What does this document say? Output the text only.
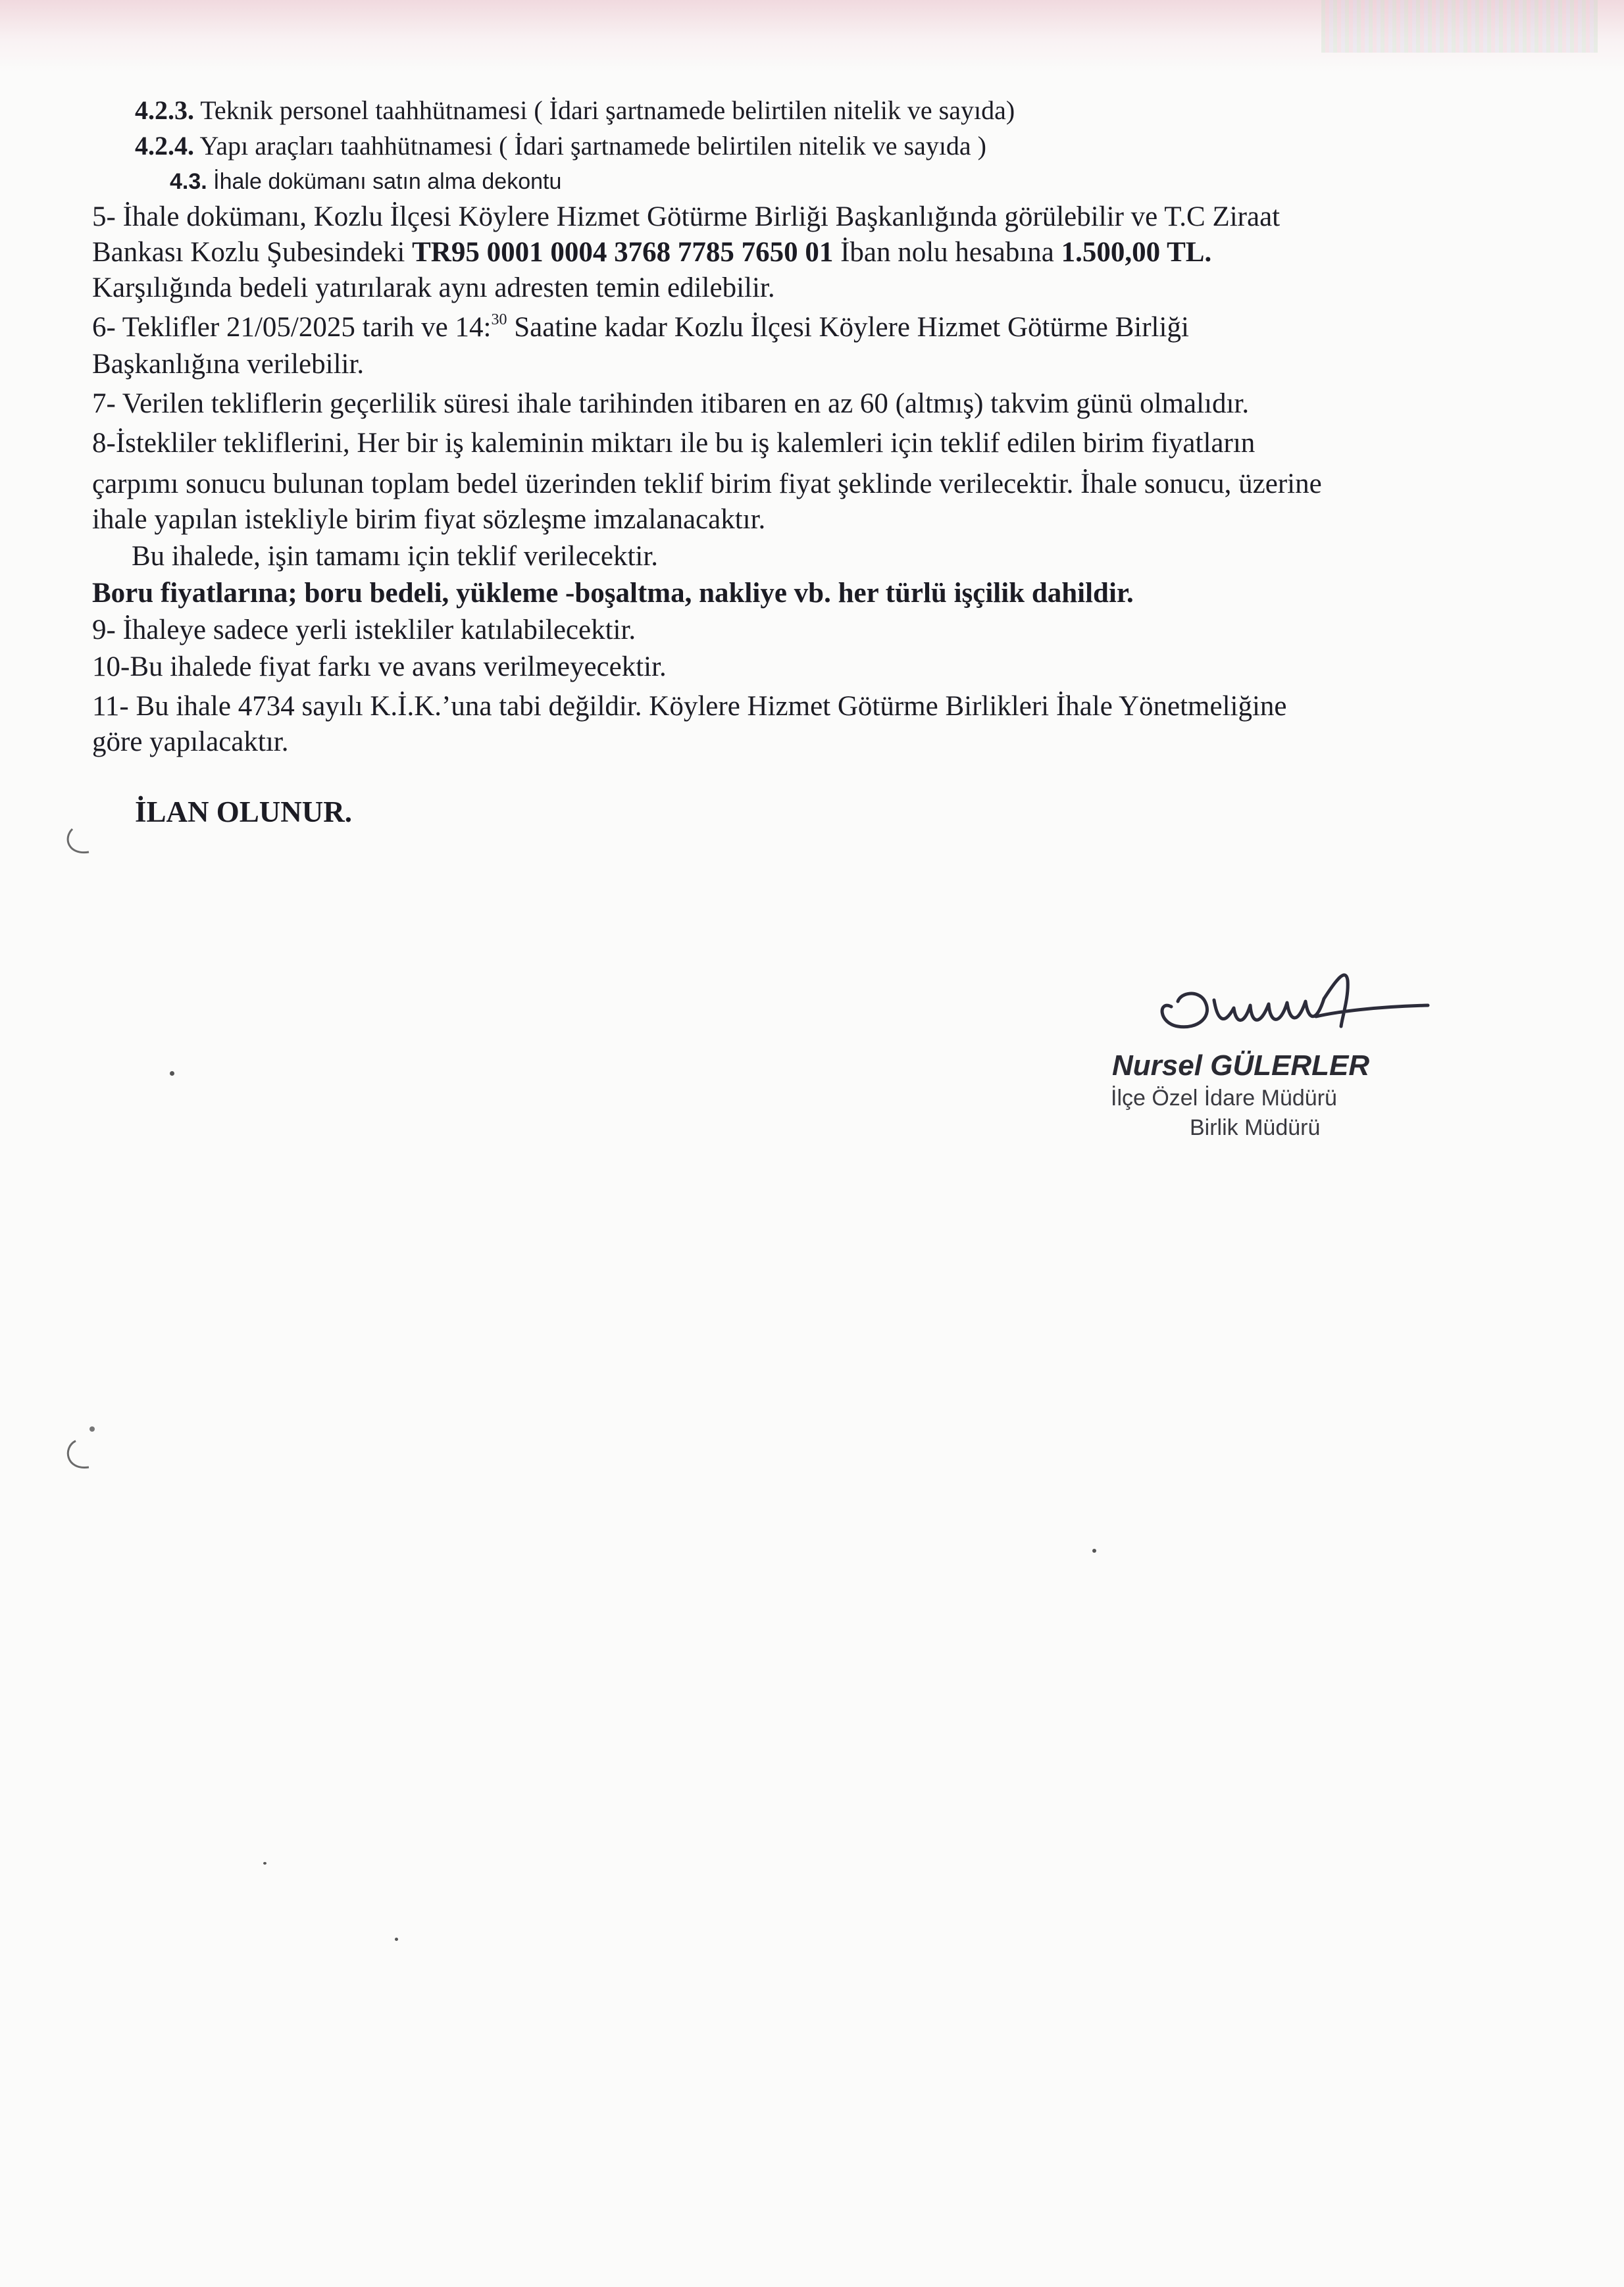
4.2.3. Teknik personel taahhütnamesi ( İdari şartnamede belirtilen nitelik ve sayıda)
4.2.4. Yapı araçları taahhütnamesi ( İdari şartnamede belirtilen nitelik ve sayıda )
4.3. İhale dokümanı satın alma dekontu
5- İhale dokümanı, Kozlu İlçesi Köylere Hizmet Götürme Birliği Başkanlığında görülebilir ve T.C Ziraat
Bankası Kozlu Şubesindeki TR95 0001 0004 3768 7785 7650 01 İban nolu hesabına 1.500,00 TL.
Karşılığında bedeli yatırılarak aynı adresten temin edilebilir.
6- Teklifler 21/05/2025 tarih ve 14:$^{30}$ Saatine kadar Kozlu İlçesi Köylere Hizmet Götürme Birliği
Başkanlığına verilebilir.
7- Verilen tekliflerin geçerlilik süresi ihale tarihinden itibaren en az 60 (altmış) takvim günü olmalıdır.
8-İstekliler tekliflerini, Her bir iş kaleminin miktarı ile bu iş kalemleri için teklif edilen birim fiyatların
çarpımı sonucu bulunan toplam bedel üzerinden teklif birim fiyat şeklinde verilecektir. İhale sonucu, üzerine
ihale yapılan istekliyle birim fiyat sözleşme imzalanacaktır.
Bu ihalede, işin tamamı için teklif verilecektir.
Boru fiyatlarına; boru bedeli, yükleme -boşaltma, nakliye vb. her türlü işçilik dahildir.
9- İhaleye sadece yerli istekliler katılabilecektir.
10-Bu ihalede fiyat farkı ve avans verilmeyecektir.
11- Bu ihale 4734 sayılı K.İ.K.’una tabi değildir. Köylere Hizmet Götürme Birlikleri İhale Yönetmeliğine
göre yapılacaktır.
İLAN OLUNUR.
Nursel GÜLERLER
İlçe Özel İdare Müdürü
Birlik Müdürü
